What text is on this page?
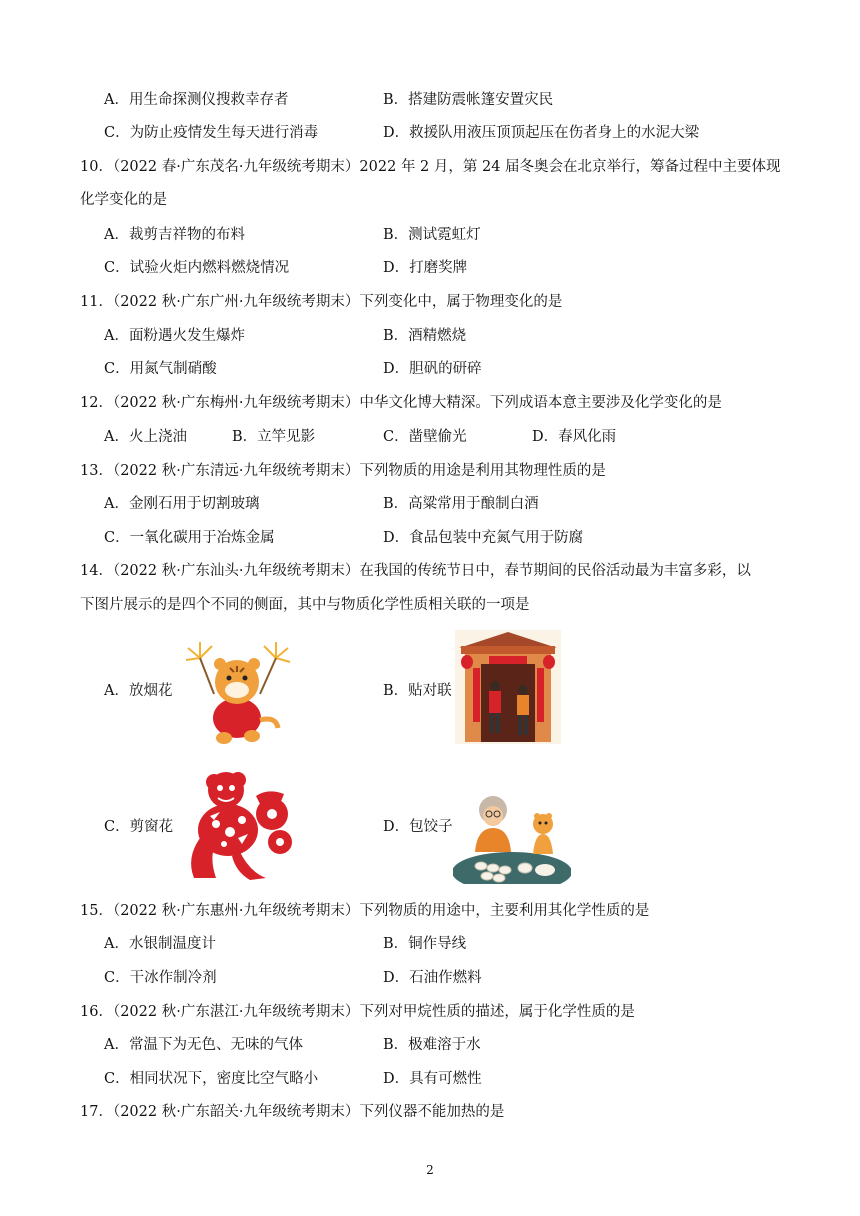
A．用生命探测仪搜救幸存者	B．搭建防震帐篷安置灾民
C．为防止疫情发生每天进行消毒	D．救援队用液压顶顶起压在伤者身上的水泥大梁
10．（2022 春·广东茂名·九年级统考期末）2022 年 2 月，第 24 届冬奥会在北京举行，筹备过程中主要体现
化学变化的是
A．裁剪吉祥物的布料	B．测试霓虹灯
C．试验火炬内燃料燃烧情况	D．打磨奖牌
11．（2022 秋·广东广州·九年级统考期末）下列变化中，属于物理变化的是
A．面粉遇火发生爆炸	B．酒精燃烧
C．用氮气制硝酸	D．胆矾的研碎
12．（2022 秋·广东梅州·九年级统考期末）中华文化博大精深。下列成语本意主要涉及化学变化的是
A．火上浇油	B．立竿见影	C．凿壁偷光	D．春风化雨
13．（2022 秋·广东清远·九年级统考期末）下列物质的用途是利用其物理性质的是
A．金刚石用于切割玻璃	B．高粱常用于酿制白酒
C．一氧化碳用于冶炼金属	D．食品包装中充氮气用于防腐
14．（2022 秋·广东汕头·九年级统考期末）在我国的传统节日中，春节期间的民俗活动最为丰富多彩，以
下图片展示的是四个不同的侧面，其中与物质化学性质相关联的一项是
A．放烟花	B．贴对联
C．剪窗花	D．包饺子
15．（2022 秋·广东惠州·九年级统考期末）下列物质的用途中，主要利用其化学性质的是
A．水银制温度计	B．铜作导线
C．干冰作制冷剂	D．石油作燃料
16．（2022 秋·广东湛江·九年级统考期末）下列对甲烷性质的描述，属于化学性质的是
A．常温下为无色、无味的气体	B．极难溶于水
C．相同状况下，密度比空气略小	D．具有可燃性
17．（2022 秋·广东韶关·九年级统考期末）下列仪器不能加热的是
2
